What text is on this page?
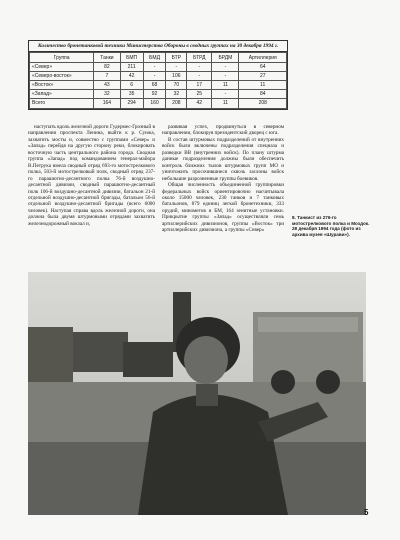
Количество бронетанковой техники Министерства Обороны в сводных группах на 30 декабря 1994 г.
Группа	Танки	БМП	БМД	БТР	БТРД	БРДМ	Артиллерия
«Север»	82	211	-	-	-	-	64
«Северо-восток»	7	42	-	106	-	-	27
«Восток»	43	6	68	70	17	11	11
«Запад»	32	35	92	32	25	-	84
Всего	164	294	160	208	42	11	208

наступать вдоль железной дороги Гудермес-Грозный в направлении проспекта Ленина, выйти к р. Сунжа, захватить мосты и, совместно с группами «Север» и «Запад» перейдя на другую сторону реки, блокировать восточную часть центрального района города. Сводная группа «Запад» под командованием генерал-майора В.Петрука имела сводный отряд 693-го мотострелкового полка, 503-й мотострелковый полк, сводный отряд 237-го парашютно-десантного полка 76-й воздушно-десантной дивизии, сводный парашютно-десантный полк 106-й воздушно-десантной дивизии, батальон 21-й отдельной воздушно-десантной бригады, батальон 56-й отдельной воздушно-десантной бригады (всего 6000 человек). Наступая справа вдоль железной дороги, она должна была двумя штурмовыми отрядами захватить железнодорожный вокзал и,

развивая успех, продвинуться в северном направлении, блокируя президентский дворец с юга.

В состав штурмовых подразделений от внутренних войск были включены подразделения спецназа и разведки ВВ (внутренних войск). По плану штурма данные подразделения должны были обеспечить контроль ближних тылов штурмовых групп МО и уничтожить просочившиеся сквозь заслоны войск небольшие разрозненные группы боевиков.

Общая численность объединенной группировки федеральных войск ориентировочно насчитывала около 15000 человек, 230 танков и 7 танковых батальонов, 879 единиц легкой бронетехники, 333 орудий, минометов и БМ, 164 зенитные установки. Прикрытие группы «Запад» осуществляли семь артиллерийских дивизионов, группы «Восток» три артиллерийских дивизиона, а группы «Север»

8. Танкист из 276-го мотострелкового полка и Моздок. 28 декабря 1994 года (фото из архива музея «Шурави»).
5
